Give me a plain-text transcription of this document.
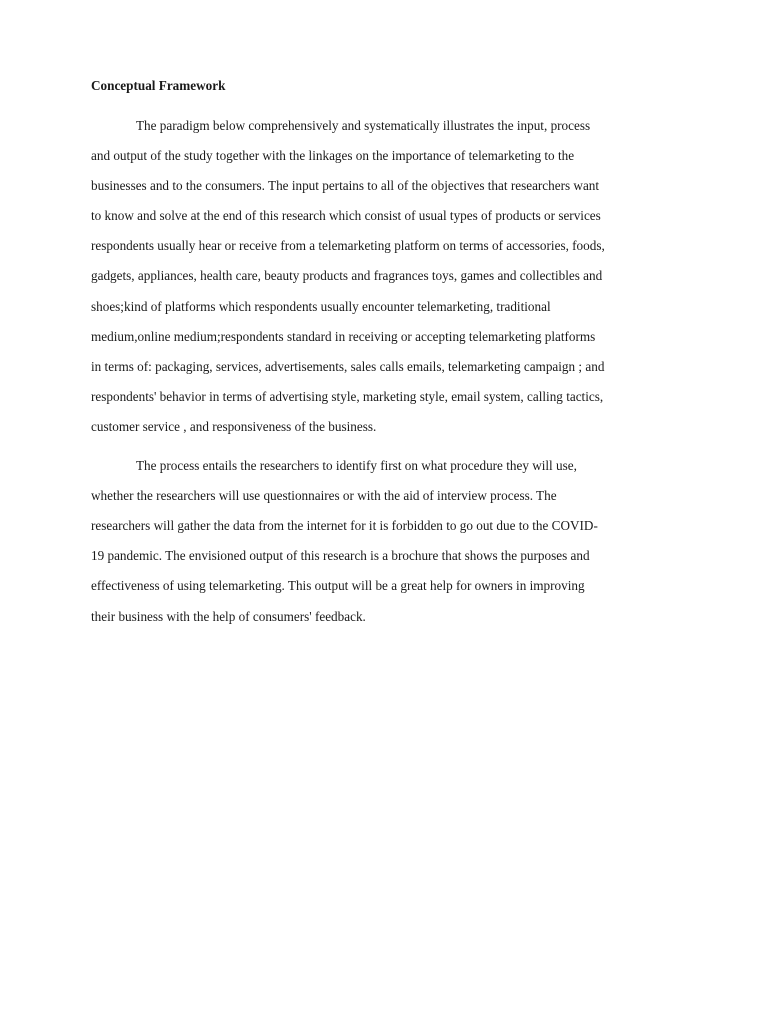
Conceptual Framework
The paradigm below comprehensively and systematically illustrates the input, process
and output of the study together with the linkages on the importance of telemarketing to the
businesses and to the consumers. The input pertains to all of the objectives that researchers want
to know and solve at the end of this research which consist of usual types of products or services
respondents usually hear or receive from a telemarketing platform on terms of accessories, foods,
gadgets, appliances, health care, beauty products and fragrances toys, games and collectibles and
shoes;kind of platforms which respondents usually encounter telemarketing, traditional
medium,online medium;respondents standard in receiving or accepting telemarketing platforms
in terms of: packaging, services, advertisements, sales calls emails, telemarketing campaign ; and
respondents' behavior in terms of advertising style, marketing style, email system, calling tactics,
customer service , and responsiveness of the business.
The process entails the researchers to identify first on what procedure they will use,
whether the researchers will use questionnaires or with the aid of interview process. The
researchers will gather the data from the internet for it is forbidden to go out due to the COVID-
19 pandemic. The envisioned output of this research is a brochure that shows the purposes and
effectiveness of using telemarketing. This output will be a great help for owners in improving
their business with the help of consumers' feedback.
